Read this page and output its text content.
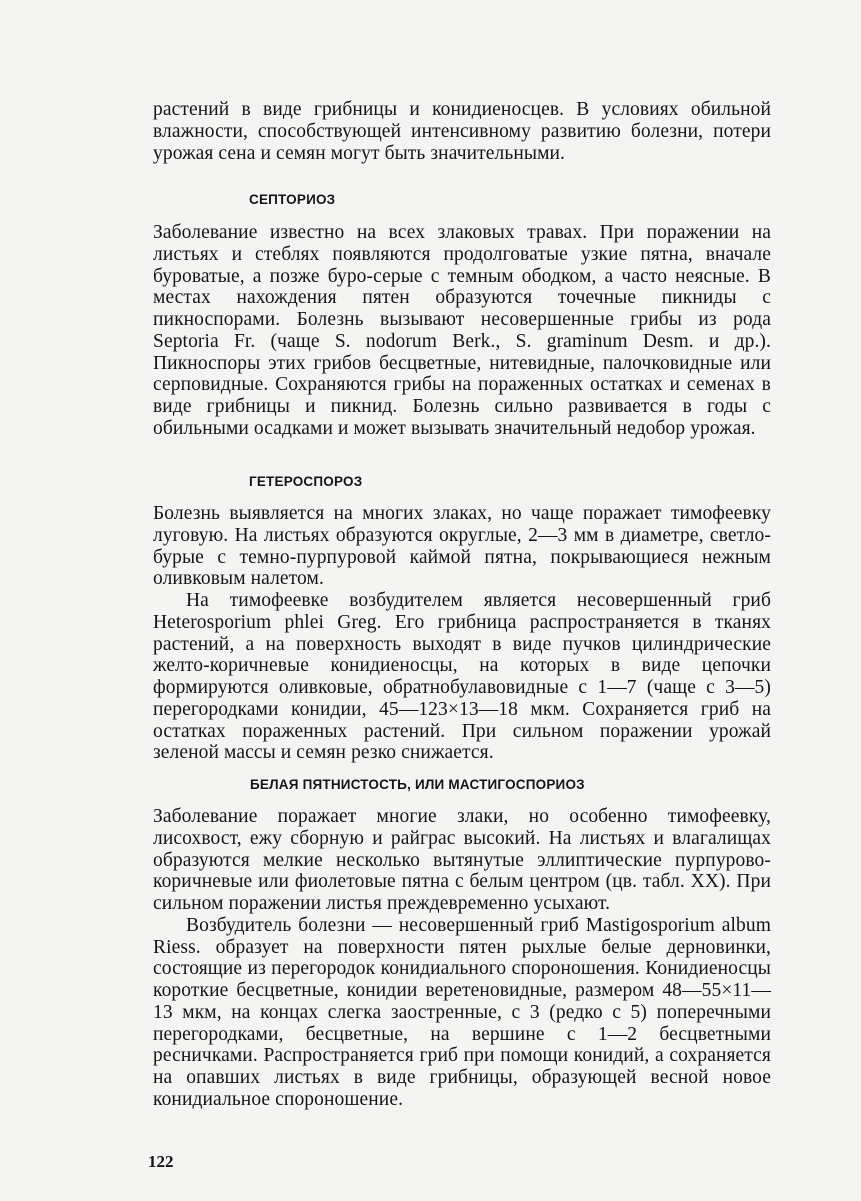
растений в виде грибницы и конидиеносцев. В условиях обильной влажности, способствующей интенсивному развитию болезни, потери урожая сена и семян могут быть значительными.

СЕПТОРИОЗ

Заболевание известно на всех злаковых травах. При поражении на листьях и стеблях появляются продолговатые узкие пятна, вначале буроватые, а позже буро-серые с темным ободком, а часто неясные. В местах нахождения пятен образуются точечные пикниды с пикноспорами. Болезнь вызывают несовершенные грибы из рода Septoria Fr. (чаще S. nodorum Berk., S. graminum Desm. и др.). Пикноспоры этих грибов бесцветные, нитевидные, палочковидные или серповидные. Сохраняются грибы на пораженных остатках и семенах в виде грибницы и пикнид. Болезнь сильно развивается в годы с обильными осадками и может вызывать значительный недобор урожая.

ГЕТЕРОСПОРОЗ

Болезнь выявляется на многих злаках, но чаще поражает тимофеевку луговую. На листьях образуются округлые, 2—3 мм в диаметре, светло-бурые с темно-пурпуровой каймой пятна, покрывающиеся нежным оливковым налетом.

На тимофеевке возбудителем является несовершенный гриб Heterosporium phlei Greg. Его грибница распространяется в тканях растений, а на поверхность выходят в виде пучков цилиндрические желто-коричневые конидиеносцы, на которых в виде цепочки формируются оливковые, обратнобулавовидные с 1—7 (чаще с 3—5) перегородками конидии, 45—123×13—18 мкм. Сохраняется гриб на остатках пораженных растений. При сильном поражении урожай зеленой массы и семян резко снижается.

БЕЛАЯ ПЯТНИСТОСТЬ, ИЛИ МАСТИГОСПОРИОЗ

Заболевание поражает многие злаки, но особенно тимофеевку, лисохвост, ежу сборную и райграс высокий. На листьях и влагалищах образуются мелкие несколько вытянутые эллиптические пурпурово-коричневые или фиолетовые пятна с белым центром (цв. табл. XX). При сильном поражении листья преждевременно усыхают.

Возбудитель болезни — несовершенный гриб Mastigosporium album Riess. образует на поверхности пятен рыхлые белые дерновинки, состоящие из перегородок конидиального спороношения. Конидиеносцы короткие бесцветные, конидии веретеновидные, размером 48—55×11—13 мкм, на концах слегка заостренные, с 3 (редко с 5) поперечными перегородками, бесцветные, на вершине с 1—2 бесцветными ресничками. Распространяется гриб при помощи конидий, а сохраняется на опавших листьях в виде грибницы, образующей весной новое конидиальное спороношение.

122
